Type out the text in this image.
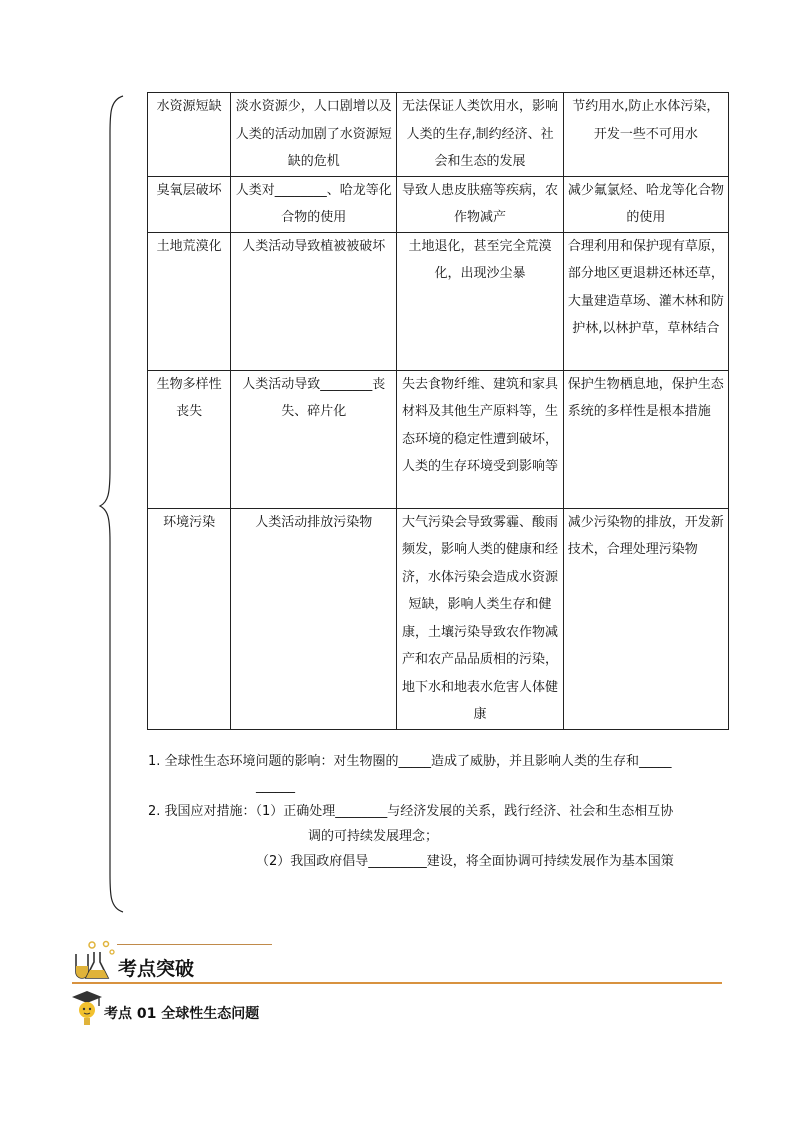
水资源短缺	淡水资源少，人口剧增以及人类的活动加剧了水资源短缺的危机	无法保证人类饮用水，影响人类的生存,制约经济、社会和生态的发展	节约用水,防止水体污染，开发一些不可用水
臭氧层破坏	人类对________、哈龙等化合物的使用	导致人患皮肤癌等疾病，农作物减产	减少氟氯烃、哈龙等化合物的使用
土地荒漠化	人类活动导致植被被破坏	土地退化，甚至完全荒漠化，出现沙尘暴	合理利用和保护现有草原，部分地区更退耕还林还草，大量建造草场、灌木林和防护林,以林护草，草林结合
生物多样性丧失	人类活动导致________丧失、碎片化	失去食物纤维、建筑和家具材料及其他生产原料等，生态环境的稳定性遭到破坏，人类的生存环境受到影响等	保护生物栖息地，保护生态系统的多样性是根本措施
环境污染	人类活动排放污染物	大气污染会导致雾霾、酸雨频发，影响人类的健康和经济，水体污染会造成水资源短缺，影响人类生存和健康，土壤污染导致农作物减产和农产品品质相的污染，地下水和地表水危害人体健康	减少污染物的排放，开发新技术，合理处理污染物

1. 全球性生态环境问题的影响：对生物圈的_____造成了威胁，并且影响人类的生存和_____

______

2. 我国应对措施：（1）正确处理________与经济发展的关系，践行经济、社会和生态相互协

调的可持续发展理念；

（2）我国政府倡导_________建设，将全面协调可持续发展作为基本国策

考点突破
考点 01 全球性生态问题
